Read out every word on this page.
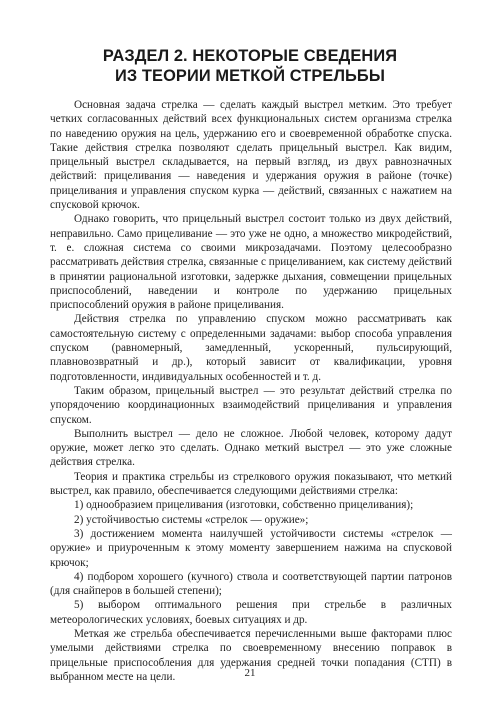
РАЗДЕЛ 2. НЕКОТОРЫЕ СВЕДЕНИЯ
ИЗ ТЕОРИИ МЕТКОЙ СТРЕЛЬБЫ

Основная задача стрелка — сделать каждый выстрел метким. Это требует четких согласованных действий всех функциональных систем организма стрелка по наведению оружия на цель, удержанию его и своевременной обработке спуска. Такие действия стрелка позволяют сделать прицельный выстрел. Как видим, прицельный выстрел складывается, на первый взгляд, из двух равнозначных действий: прицеливания — наведения и удержания оружия в районе (точке) прицеливания и управления спуском курка — действий, связанных с нажатием на спусковой крючок.

Однако говорить, что прицельный выстрел состоит только из двух действий, неправильно. Само прицеливание — это уже не одно, а множество микродействий, т. е. сложная система со своими микрозадачами. Поэтому целесообразно рассматривать действия стрелка, связанные с прицеливанием, как систему действий в принятии рациональной изготовки, задержке дыхания, совмещении прицельных приспособлений, наведении и контроле по удержанию прицельных приспособлений оружия в районе прицеливания.

Действия стрелка по управлению спуском можно рассматривать как самостоятельную систему с определенными задачами: выбор способа управления спуском (равномерный, замедленный, ускоренный, пульсирующий, плавновозвратный и др.), который зависит от квалификации, уровня подготовленности, индивидуальных особенностей и т. д.

Таким образом, прицельный выстрел — это результат действий стрелка по упорядочению координационных взаимодействий прицеливания и управления спуском.

Выполнить выстрел — дело не сложное. Любой человек, которому дадут оружие, может легко это сделать. Однако меткий выстрел — это уже сложные действия стрелка.

Теория и практика стрельбы из стрелкового оружия показывают, что меткий выстрел, как правило, обеспечивается следующими действиями стрелка:

1) однообразием прицеливания (изготовки, собственно прицеливания);

2) устойчивостью системы «стрелок — оружие»;

3) достижением момента наилучшей устойчивости системы «стрелок — оружие» и приуроченным к этому моменту завершением нажима на спусковой крючок;

4) подбором хорошего (кучного) ствола и соответствующей партии патронов (для снайперов в большей степени);

5) выбором оптимального решения при стрельбе в различных метеорологических условиях, боевых ситуациях и др.

Меткая же стрельба обеспечивается перечисленными выше факторами плюс умелыми действиями стрелка по своевременному внесению поправок в прицельные приспособления для удержания средней точки попадания (СТП) в выбранном месте на цели.	21
